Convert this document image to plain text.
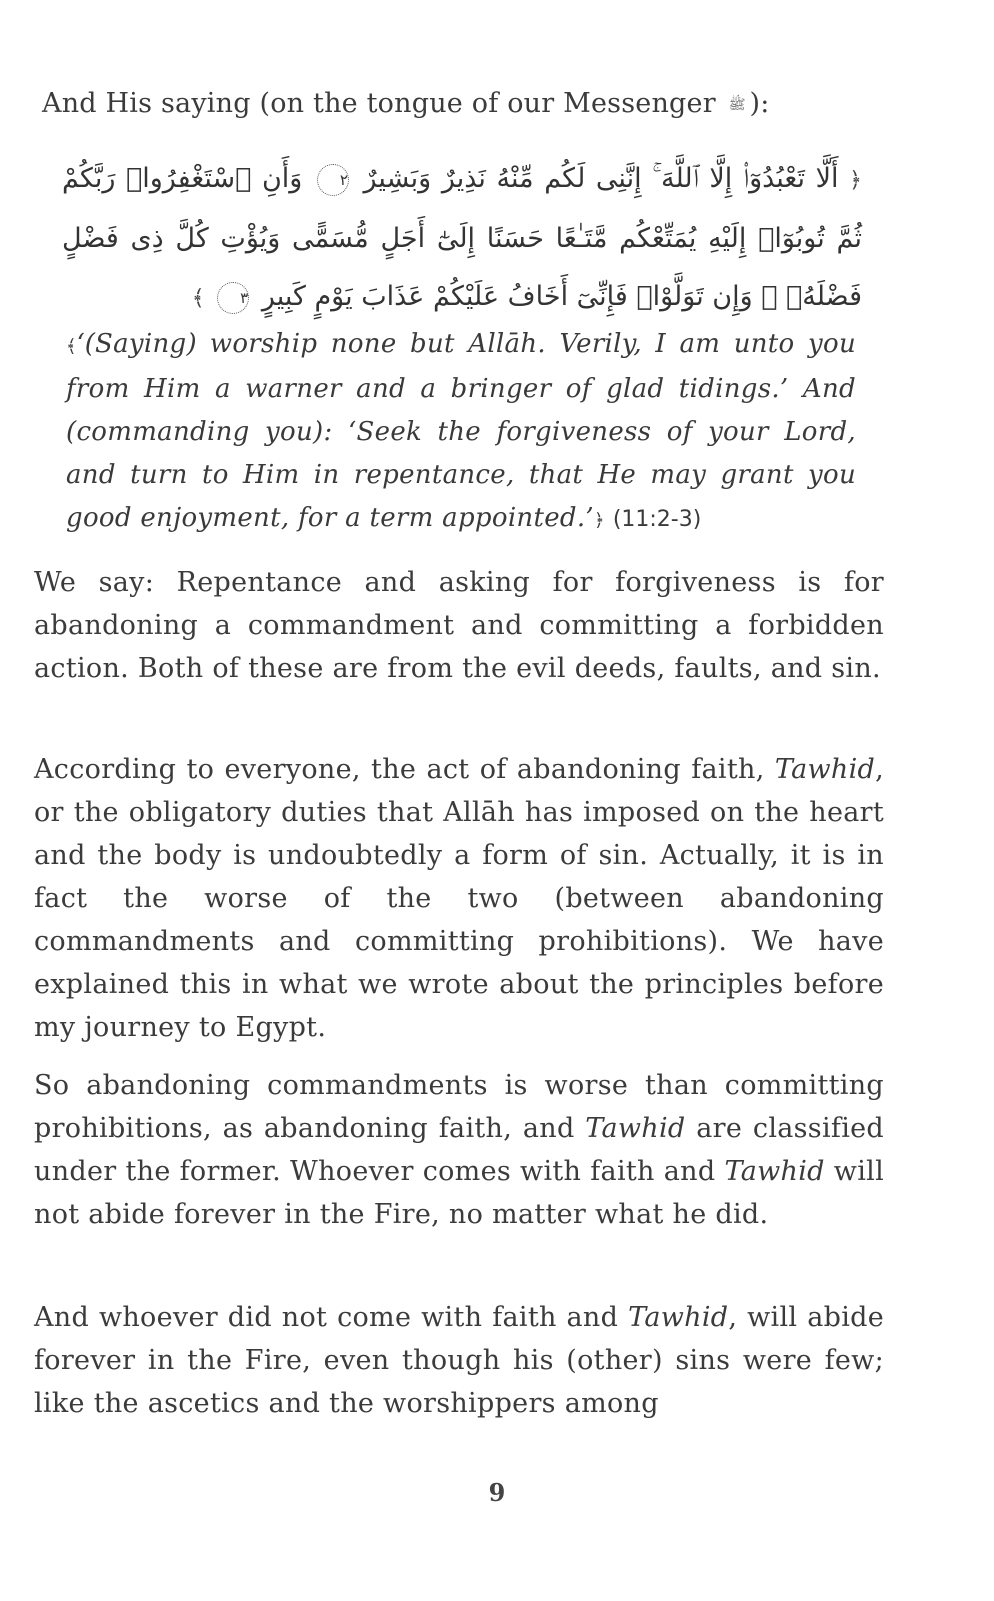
And His saying (on the tongue of our Messenger ﷺ ):
﴿ أَلَّا تَعْبُدُوٓا۟ إِلَّا ٱللَّهَ ۚ إِنَّنِى لَكُم مِّنْهُ نَذِيرٌ وَبَشِيرٌ ٢ وَأَنِ ٱسْتَغْفِرُوا۟ رَبَّكُمْ ثُمَّ تُوبُوٓا۟ إِلَيْهِ يُمَتِّعْكُم مَّتَـٰعًا حَسَنًا إِلَىٰٓ أَجَلٍ مُّسَمًّى وَيُؤْتِ كُلَّ ذِى فَضْلٍ فَضْلَهُۥ ۖ وَإِن تَوَلَّوْا۟ فَإِنِّىٓ أَخَافُ عَلَيْكُمْ عَذَابَ يَوْمٍ كَبِيرٍ ٣ ﴾
﴾‘(Saying) worship none but Allāh. Verily, I am unto you from Him a warner and a bringer of glad tidings.’ And (commanding you): ‘Seek the forgiveness of your Lord, and turn to Him in repentance, that He may grant you good enjoyment, for a term appointed.’﴿ (11:2-3)
We say: Repentance and asking for forgiveness is for abandoning a commandment and committing a forbidden action. Both of these are from the evil deeds, faults, and sin.
According to everyone, the act of abandoning faith, Tawhid, or the obligatory duties that Allāh has imposed on the heart and the body is undoubtedly a form of sin. Actually, it is in fact the worse of the two (between abandoning commandments and committing prohibitions). We have explained this in what we wrote about the principles before my journey to Egypt.
So abandoning commandments is worse than committing prohibitions, as abandoning faith, and Tawhid are classified under the former. Whoever comes with faith and Tawhid will not abide forever in the Fire, no matter what he did.
And whoever did not come with faith and Tawhid, will abide forever in the Fire, even though his (other) sins were few; like the ascetics and the worshippers among
9
